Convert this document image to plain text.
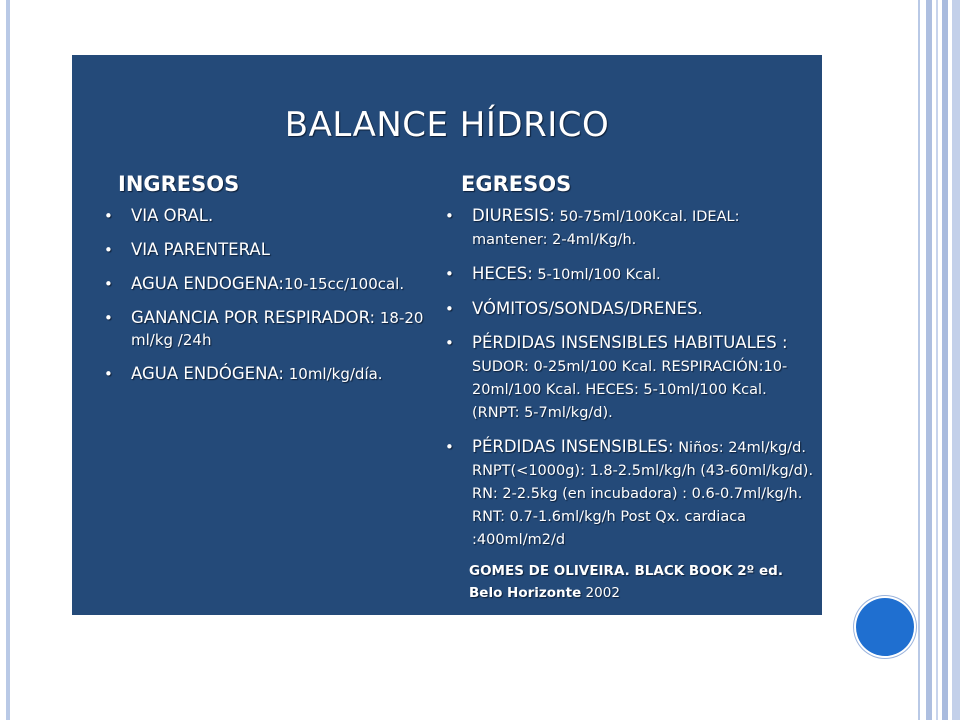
BALANCE HÍDRICO
INGRESOS	EGRESOS
• VIA ORAL.
• VIA PARENTERAL
• AGUA ENDOGENA:10-15cc/100cal.
• GANANCIA POR RESPIRADOR: 18-20 ml/kg /24h
• AGUA ENDÓGENA: 10ml/kg/día.
• DIURESIS: 50-75ml/100Kcal. IDEAL: mantener: 2-4ml/Kg/h.
• HECES: 5-10ml/100 Kcal.
• VÓMITOS/SONDAS/DRENES.
• PÉRDIDAS INSENSIBLES HABITUALES : SUDOR: 0-25ml/100 Kcal. RESPIRACIÓN:10-20ml/100 Kcal. HECES: 5-10ml/100 Kcal. (RNPT: 5-7ml/kg/d).
• PÉRDIDAS INSENSIBLES: Niños: 24ml/kg/d. RNPT(<1000g): 1.8-2.5ml/kg/h (43-60ml/kg/d). RN: 2-2.5kg (en incubadora) : 0.6-0.7ml/kg/h. RNT: 0.7-1.6ml/kg/h Post Qx. cardiaca :400ml/m2/d
GOMES DE OLIVEIRA. BLACK BOOK 2º ed. Belo Horizonte 2002
